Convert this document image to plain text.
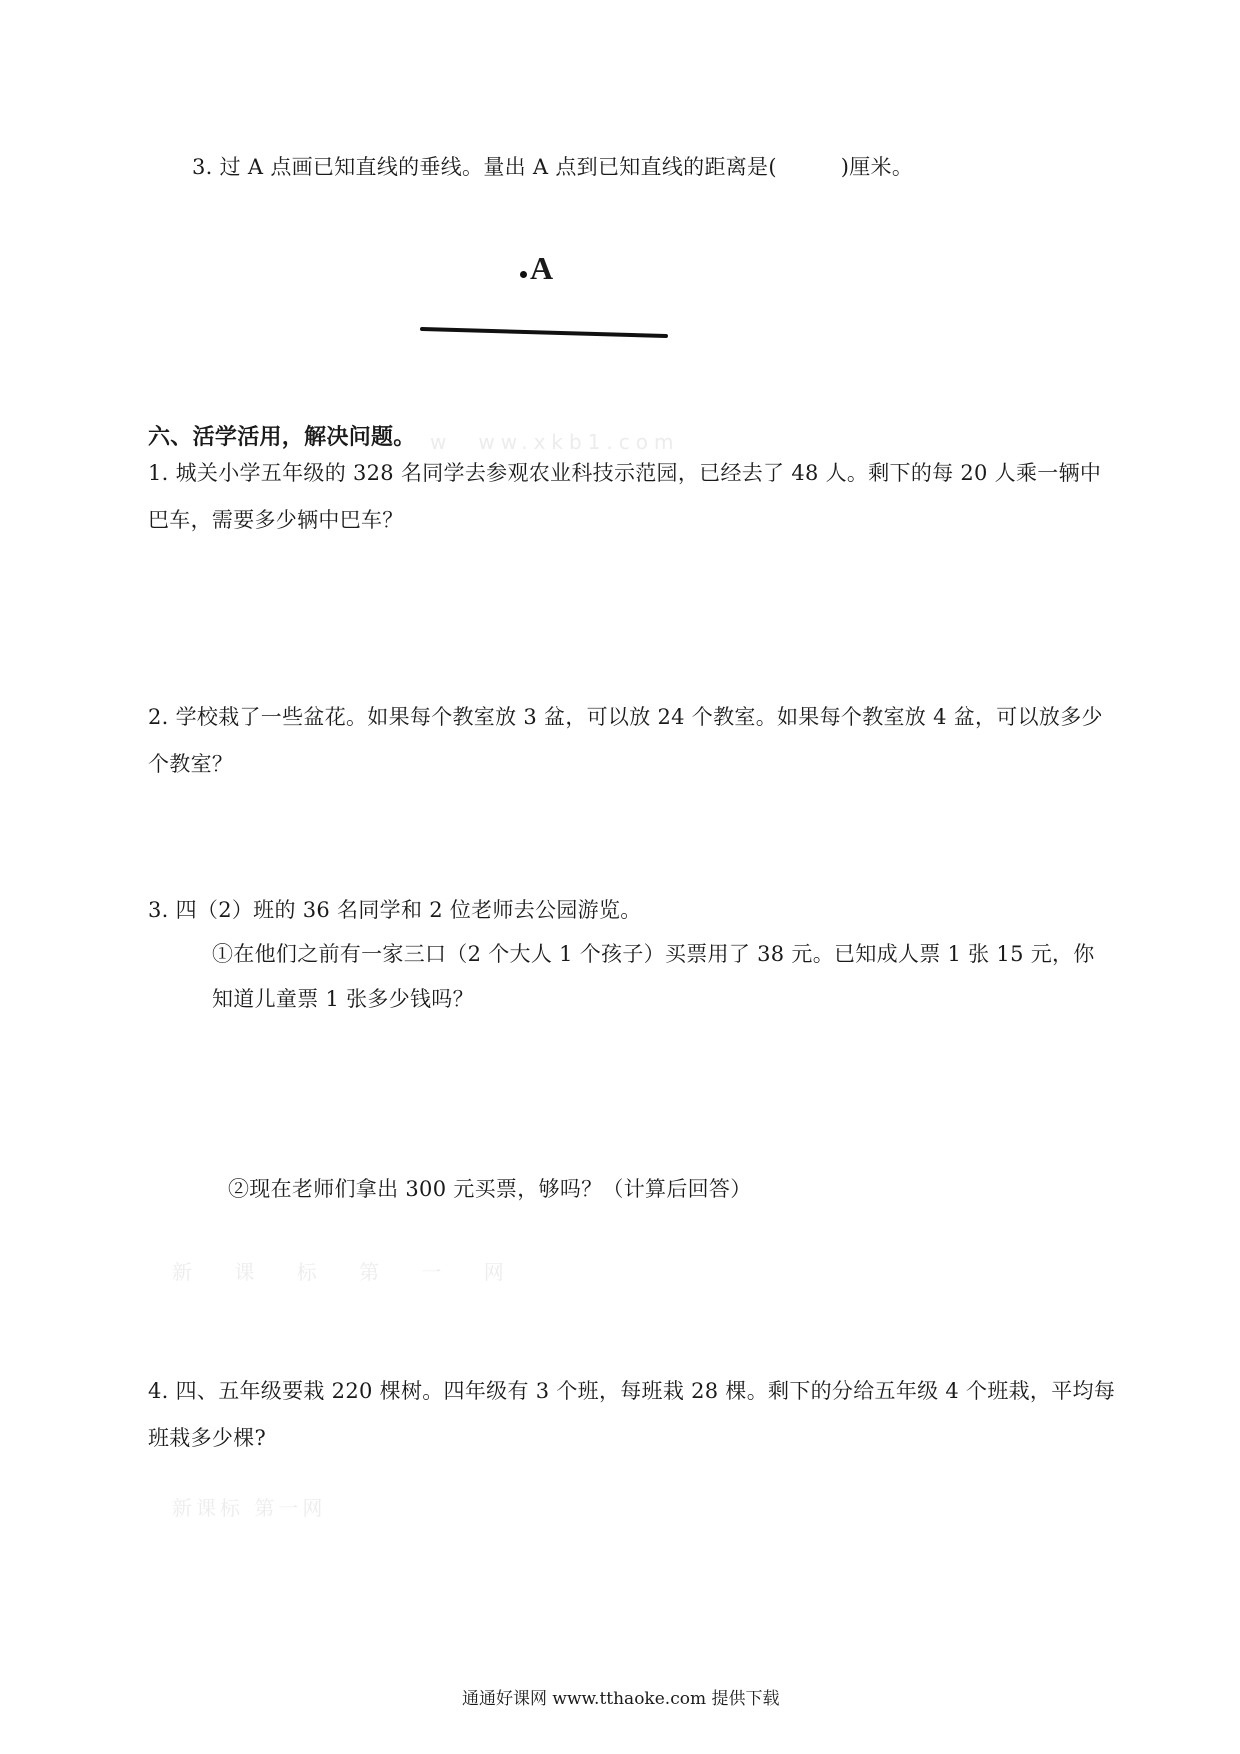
3. 过 A 点画已知直线的垂线。量出 A 点到已知直线的距离是(　　　)厘米。
A
六、活学活用，解决问题。 w　ww.xkb1.com
1. 城关小学五年级的 328 名同学去参观农业科技示范园，已经去了 48 人。剩下的每 20 人乘一辆中
巴车，需要多少辆中巴车？
2. 学校栽了一些盆花。如果每个教室放 3 盆，可以放 24 个教室。如果每个教室放 4 盆，可以放多少
个教室？
3. 四（2）班的 36 名同学和 2 位老师去公园游览。
①在他们之前有一家三口（2 个大人 1 个孩子）买票用了 38 元。已知成人票 1 张 15 元，你
知道儿童票 1 张多少钱吗？
②现在老师们拿出 300 元买票，够吗？（计算后回答）
新 课 标 第 一 网
4. 四、五年级要栽 220 棵树。四年级有 3 个班，每班栽 28 棵。剩下的分给五年级 4 个班栽，平均每
班栽多少棵?
新课标 第一网
通通好课网 www.tthaoke.com 提供下载
